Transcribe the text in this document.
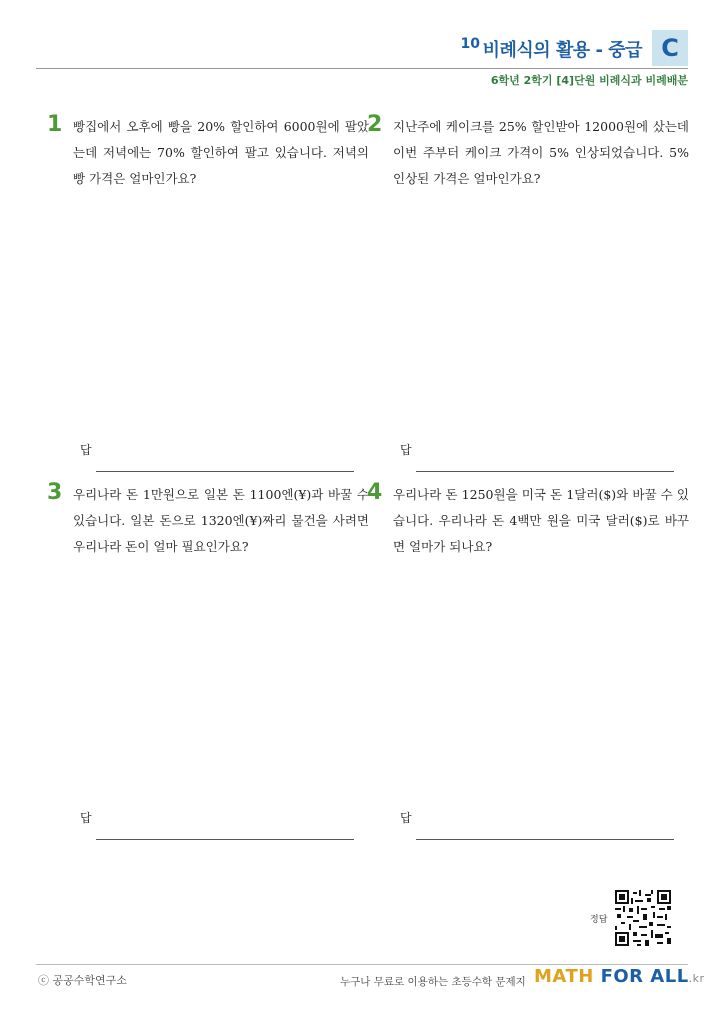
10 비례식의 활용 - 중급 C
6학년 2학기 [4]단원 비례식과 비례배분
1 빵집에서 오후에 빵을 20% 할인하여 6000원에 팔았는데 저녁에는 70% 할인하여 팔고 있습니다. 저녁의 빵 가격은 얼마인가요?

답
2 지난주에 케이크를 25% 할인받아 12000원에 샀는데 이번 주부터 케이크 가격이 5% 인상되었습니다. 5% 인상된 가격은 얼마인가요?

답
3 우리나라 돈 1만원으로 일본 돈 1100엔(¥)과 바꿀 수 있습니다. 일본 돈으로 1320엔(¥)짜리 물건을 사려면 우리나라 돈이 얼마 필요인가요?

답
4 우리나라 돈 1250원을 미국 돈 1달러($)와 바꿀 수 있습니다. 우리나라 돈 4백만 원을 미국 달러($)로 바꾸면 얼마가 되나요?

답
정답
ⓒ 공공수학연구소	누구나 무료로 이용하는 초등수학 문제지 MATH FOR ALL.kr
